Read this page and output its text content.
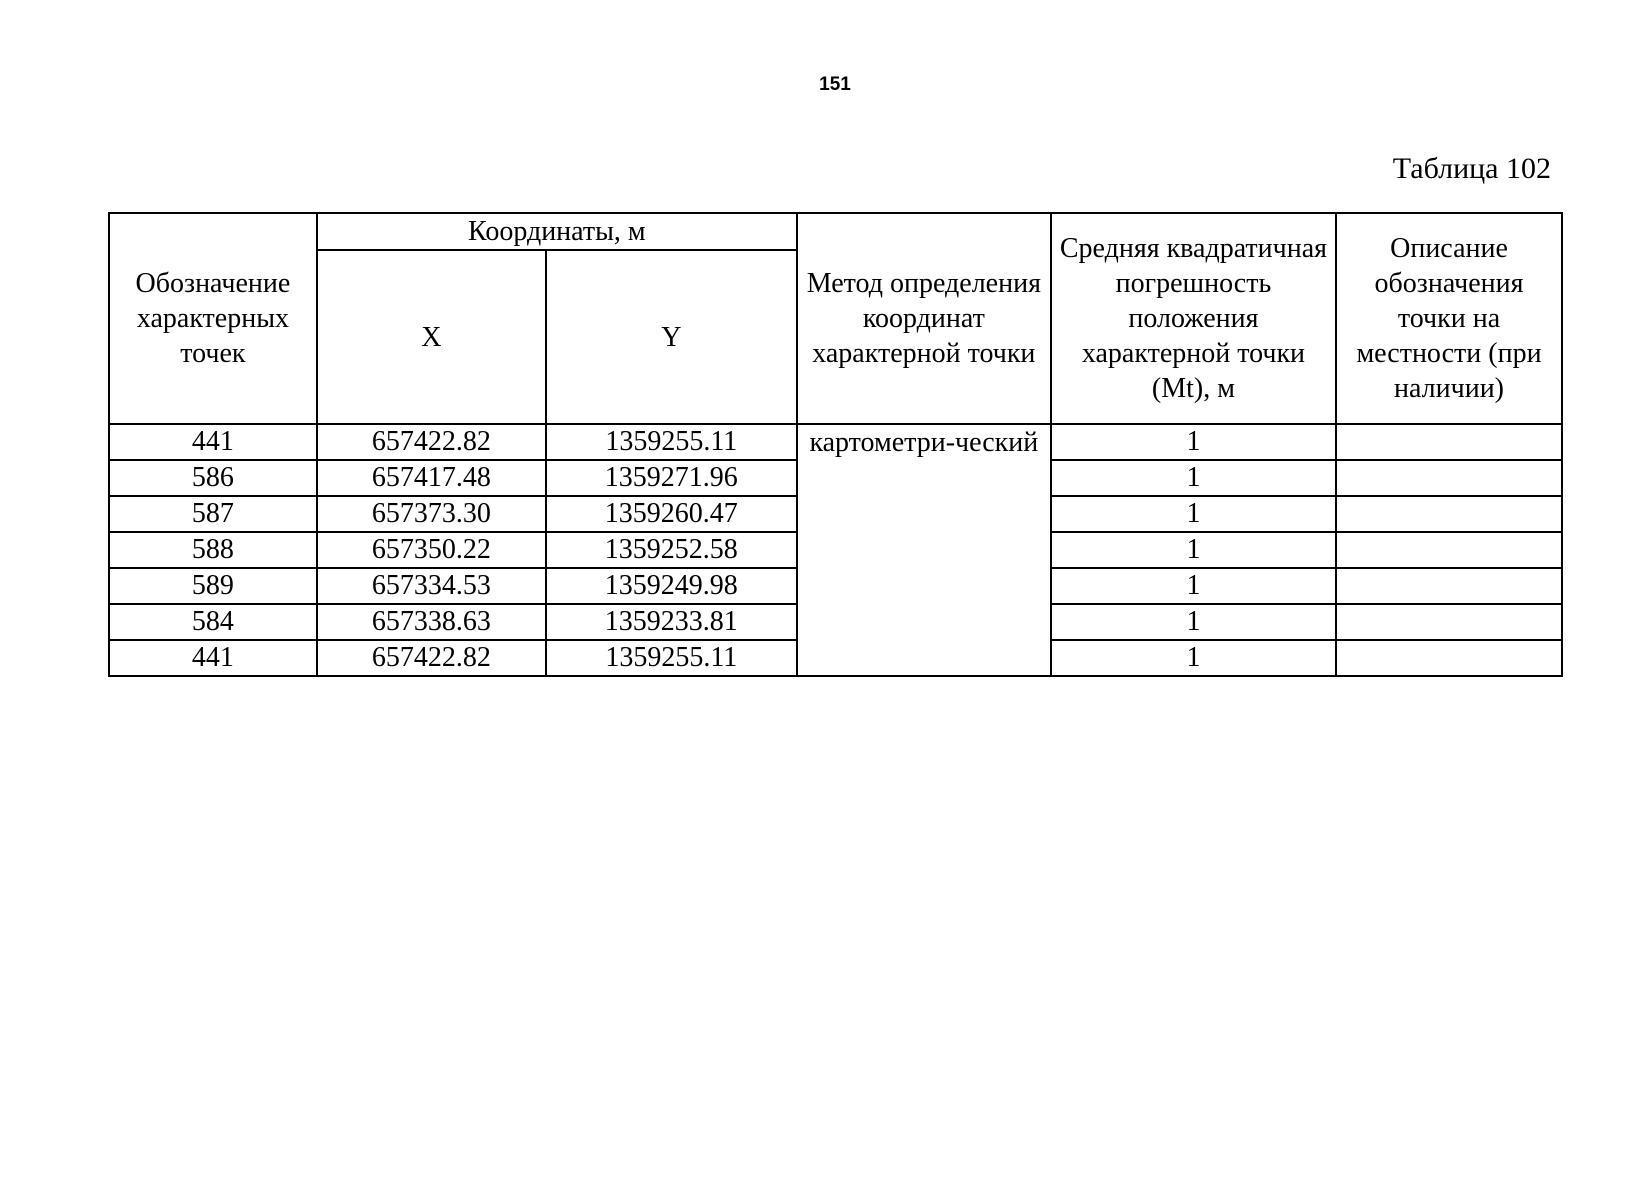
151
Таблица 102
Обозначение характерных точек	Координаты, м		Метод определения координат характерной точки	Средняя квадратичная погрешность положения характерной точки (Mt), м	Описание обозначения точки на местности (при наличии)
	X	Y			
441	657422.82	1359255.11	картометри-ческий	1	
586	657417.48	1359271.96		1	
587	657373.30	1359260.47		1	
588	657350.22	1359252.58		1	
589	657334.53	1359249.98		1	
584	657338.63	1359233.81		1	
441	657422.82	1359255.11		1	
